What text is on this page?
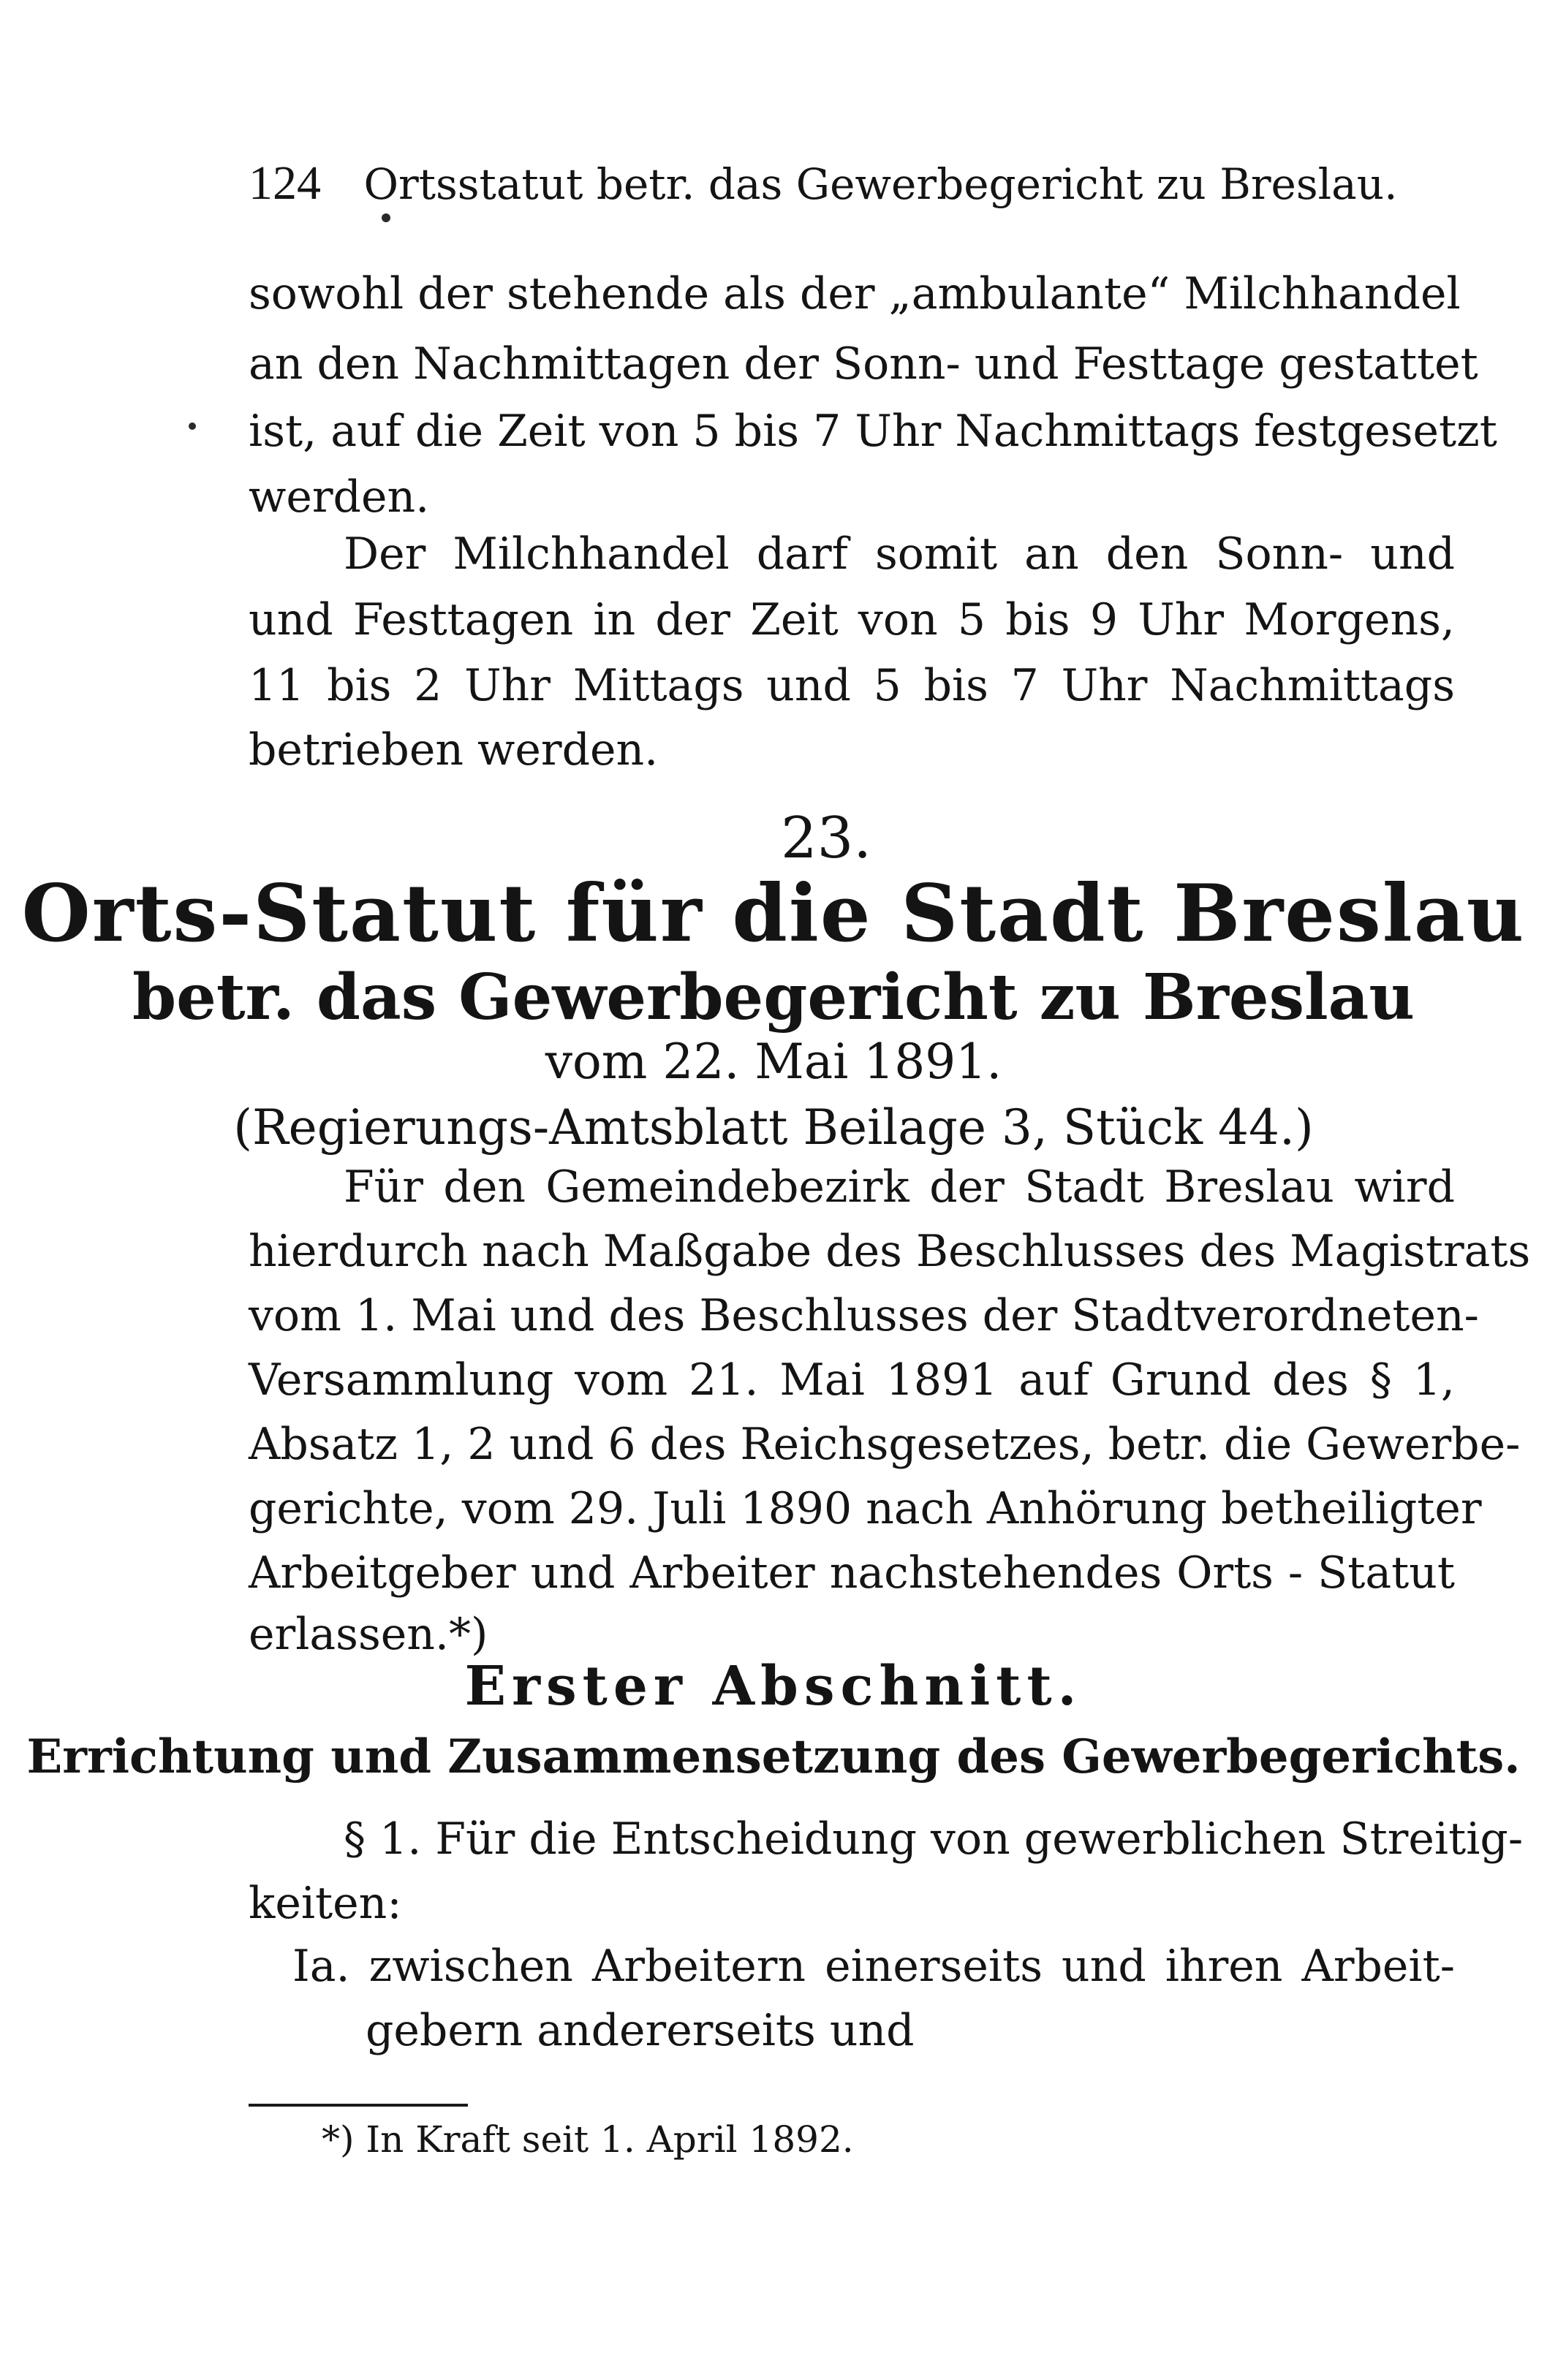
124 Ortsstatut betr. das Gewerbegericht zu Breslau.
sowohl der stehende als der „ambulante“ Milchhandel
an den Nachmittagen der Sonn- und Festtage gestattet
ist, auf die Zeit von 5 bis 7 Uhr Nachmittags festgesetzt
werden.
Der Milchhandel darf somit an den Sonn- und
und Festtagen in der Zeit von 5 bis 9 Uhr Morgens,
11 bis 2 Uhr Mittags und 5 bis 7 Uhr Nachmittags
betrieben werden.
23.
Orts-Statut für die Stadt Breslau
betr. das Gewerbegericht zu Breslau
vom 22. Mai 1891.
(Regierungs-Amtsblatt Beilage 3, Stück 44.)
Für den Gemeindebezirk der Stadt Breslau wird
hierdurch nach Maßgabe des Beschlusses des Magistrats
vom 1. Mai und des Beschlusses der Stadtverordneten-
Versammlung vom 21. Mai 1891 auf Grund des § 1,
Absatz 1, 2 und 6 des Reichsgesetzes, betr. die Gewerbe-
gerichte, vom 29. Juli 1890 nach Anhörung betheiligter
Arbeitgeber und Arbeiter nachstehendes Orts - Statut
erlassen.*)
Erster Abschnitt.
Errichtung und Zusammensetzung des Gewerbegerichts.
§ 1. Für die Entscheidung von gewerblichen Streitig-
keiten:
Ia. zwischen Arbeitern einerseits und ihren Arbeit-
gebern andererseits und
*) In Kraft seit 1. April 1892.
